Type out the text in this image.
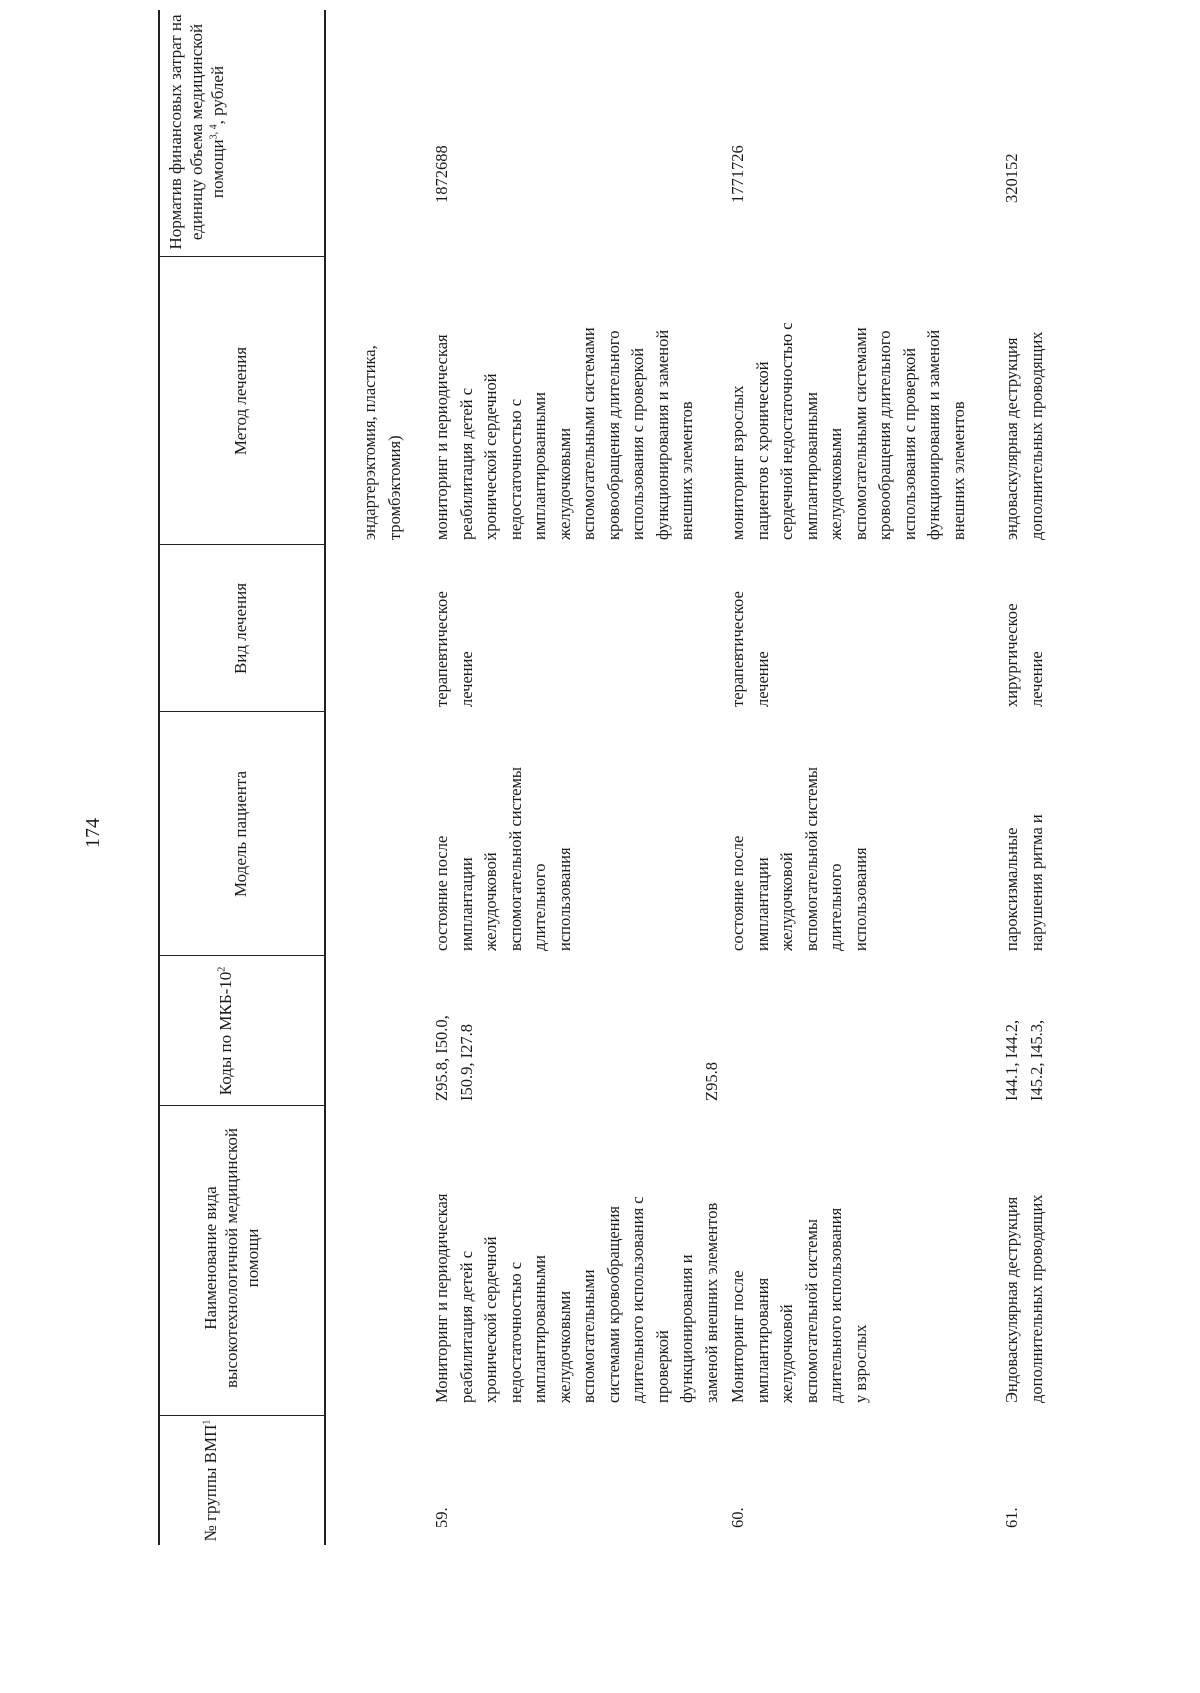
174
№ группы ВМП$^1$
Наименование вида высокотехнологичной медицинской помощи
Коды по МКБ-$10^2$
Модель пациента
Вид лечения
Метод лечения
Норматив финансовых затрат на единицу объема медицинской помощи$^{3, 4}$, рублей
эндартерэктомия, пластика,
тромбэктомия)
59.
Мониторинг и периодическая
реабилитация детей с
хронической сердечной
недостаточностью с
имплантированными
желудочковыми
вспомогательными
системами кровообращения
длительного использования с
проверкой
функционирования и
заменой внешних элементов
Z95.8, I50.0,
I50.9, I27.8
состояние после
имплантации
желудочковой
вспомогательной системы
длительного
использования
терапевтическое
лечение
мониторинг и периодическая
реабилитация детей с
хронической сердечной
недостаточностью с
имплантированными
желудочковыми
вспомогательными системами
кровообращения длительного
использования с проверкой
функционирования и заменой
внешних элементов
1872688
60.
Мониторинг после
имплантирования
желудочковой
вспомогательной системы
длительного использования
у взрослых
Z95.8
состояние после
имплантации
желудочковой
вспомогательной системы
длительного
использования
терапевтическое
лечение
мониторинг взрослых
пациентов с хронической
сердечной недостаточностью с
имплантированными
желудочковыми
вспомогательными системами
кровообращения длительного
использования с проверкой
функционирования и заменой
внешних элементов
1771726
61.
Эндоваскулярная деструкция
дополнительных проводящих
I44.1, I44.2,
I45.2, I45.3,
пароксизмальные
нарушения ритма и
хирургическое
лечение
эндоваскулярная деструкция
дополнительных проводящих
320152
